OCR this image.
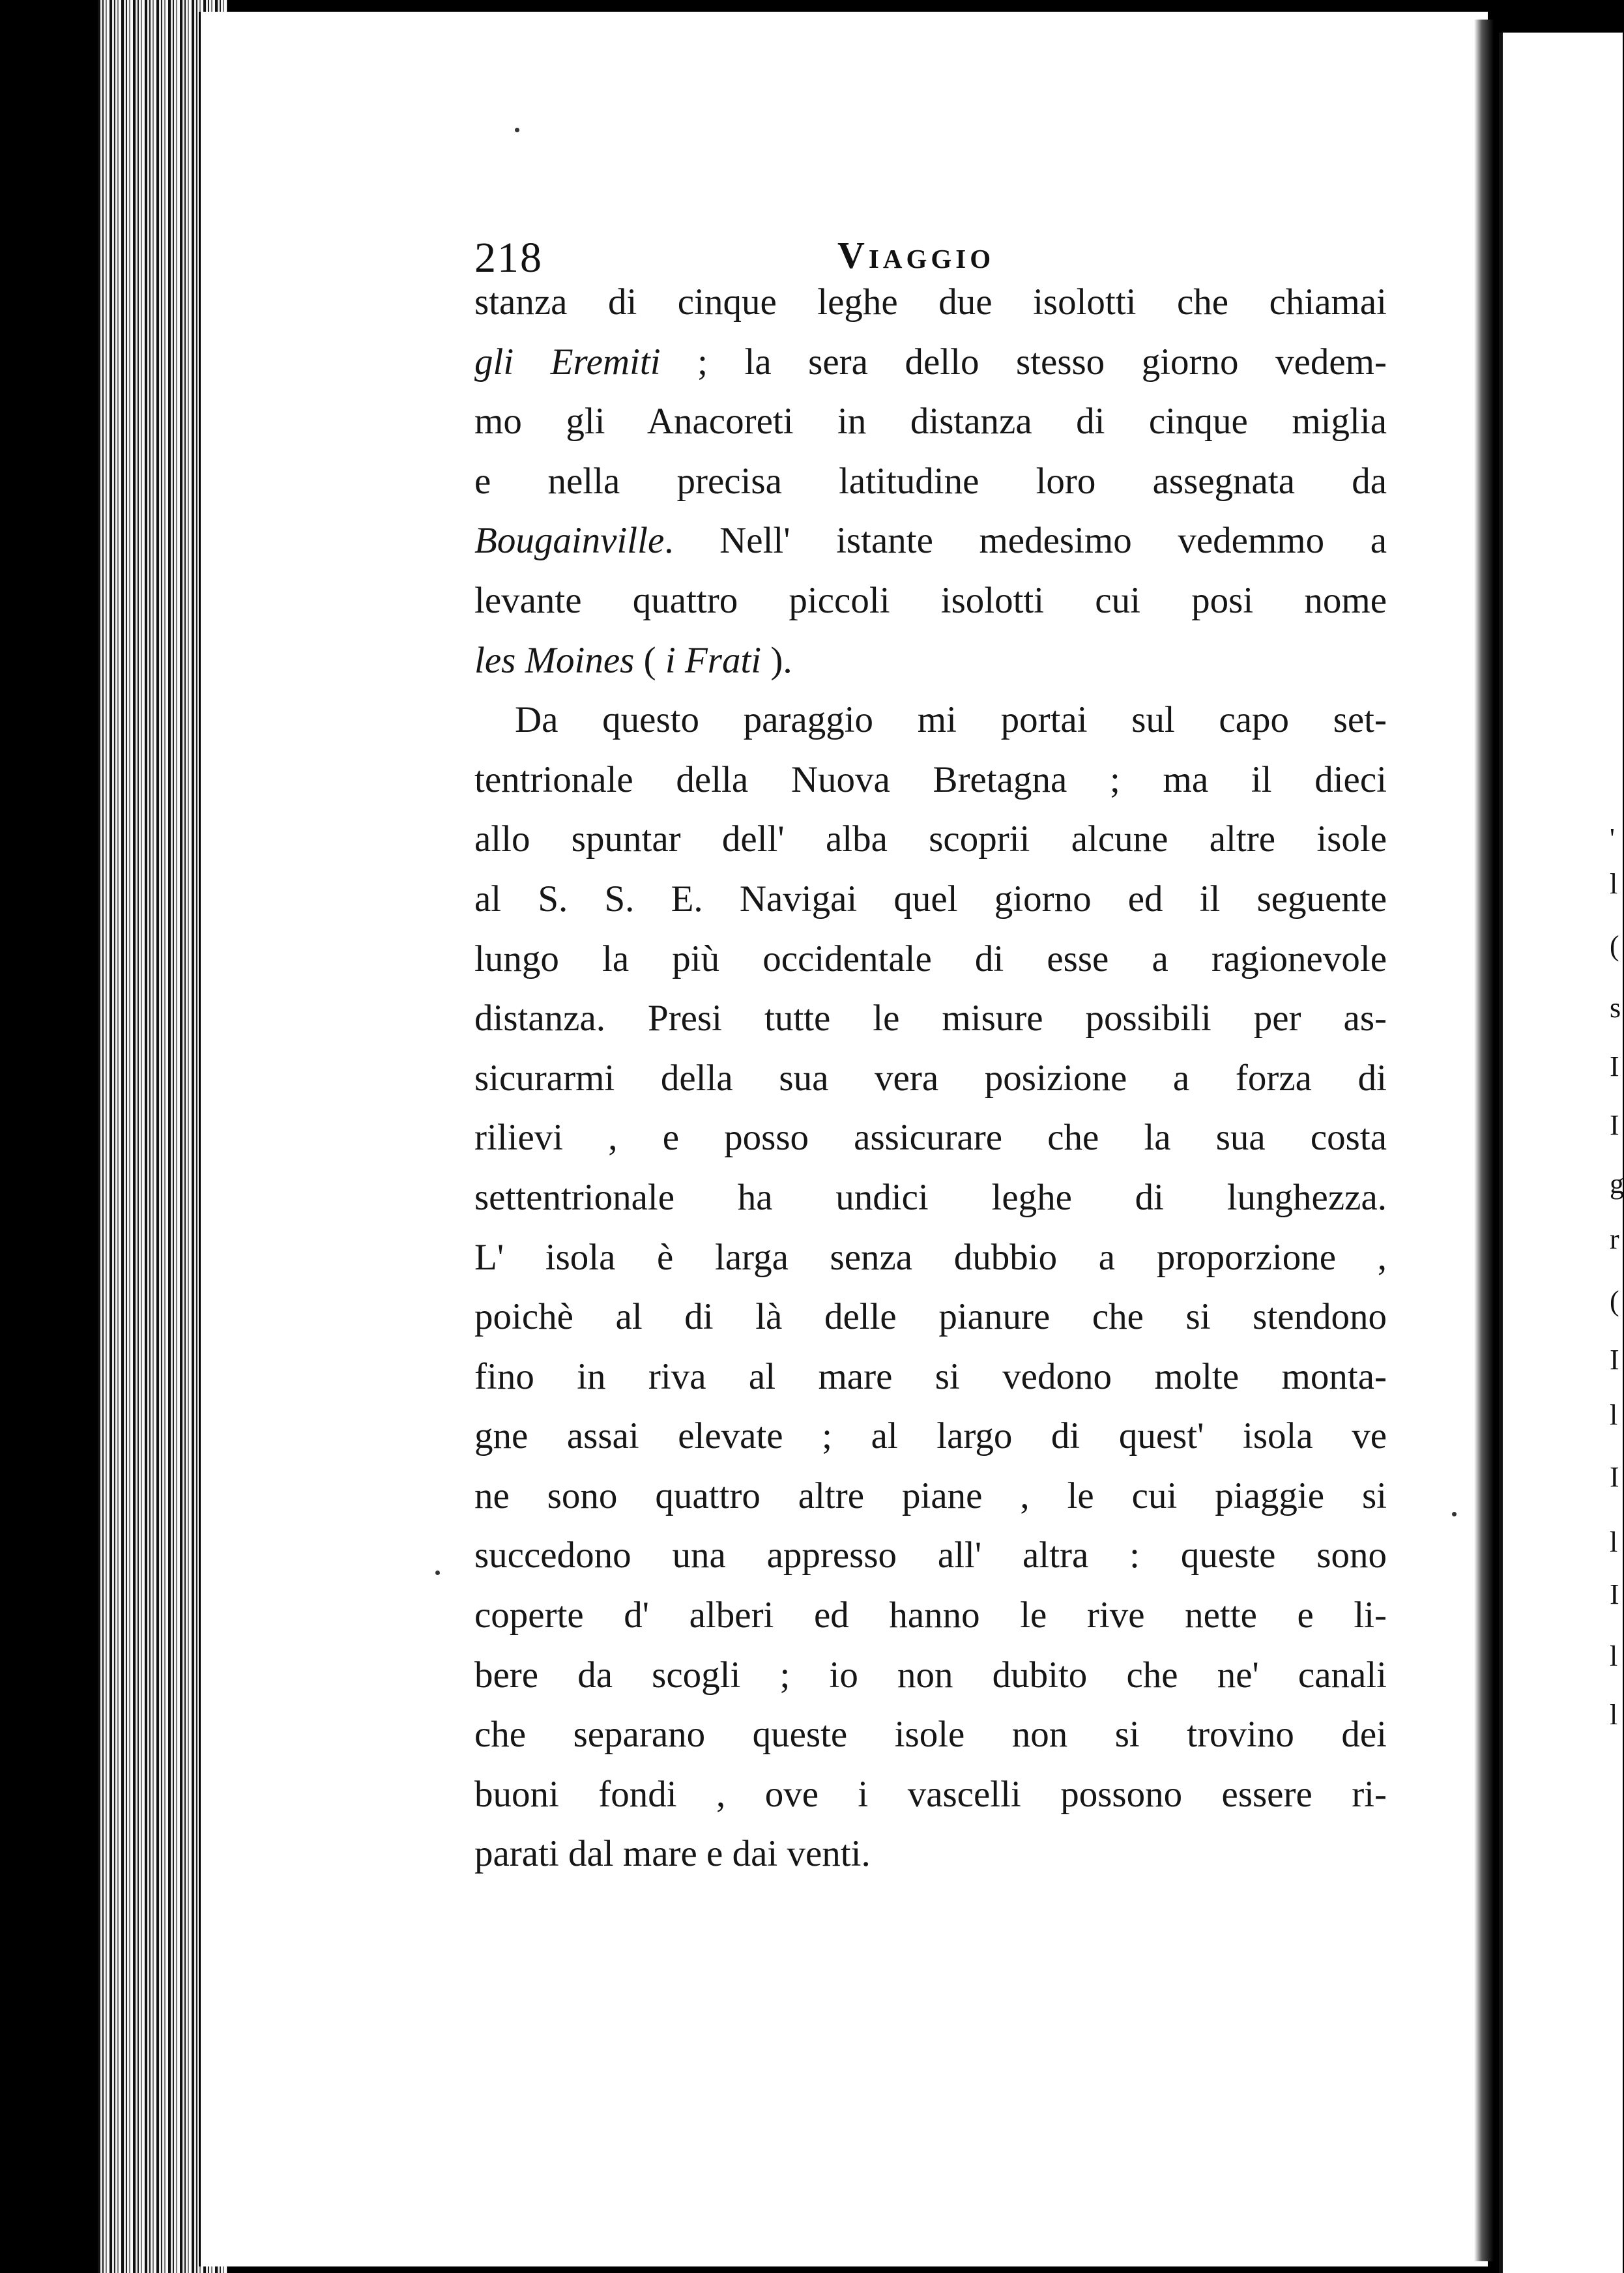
'
l
(
s
I
I
g
r
(
I
l
I
l
I
l
l
218	Viaggio
stanza di cinque leghe due isolotti che chiamai
gli Eremiti ; la sera dello stesso giorno vedem-
mo gli Anacoreti in distanza di cinque miglia
e nella precisa latitudine loro assegnata da
Bougainville. Nell' istante medesimo vedemmo a
levante quattro piccoli isolotti cui posi nome
les Moines ( i Frati ).
Da questo paraggio mi portai sul capo set-
tentrionale della Nuova Bretagna ; ma il dieci
allo spuntar dell' alba scoprii alcune altre isole
al S. S. E. Navigai quel giorno ed il seguente
lungo la più occidentale di esse a ragionevole
distanza. Presi tutte le misure possibili per as-
sicurarmi della sua vera posizione a forza di
rilievi , e posso assicurare che la sua costa
settentrionale ha undici leghe di lunghezza.
L' isola è larga senza dubbio a proporzione ,
poichè al di là delle pianure che si stendono
fino in riva al mare si vedono molte monta-
gne assai elevate ; al largo di quest' isola ve
ne sono quattro altre piane , le cui piaggie si
succedono una appresso all' altra : queste sono
coperte d' alberi ed hanno le rive nette e li-
bere da scogli ; io non dubito che ne' canali
che separano queste isole non si trovino dei
buoni fondi , ove i vascelli possono essere ri-
parati dal mare e dai venti.
